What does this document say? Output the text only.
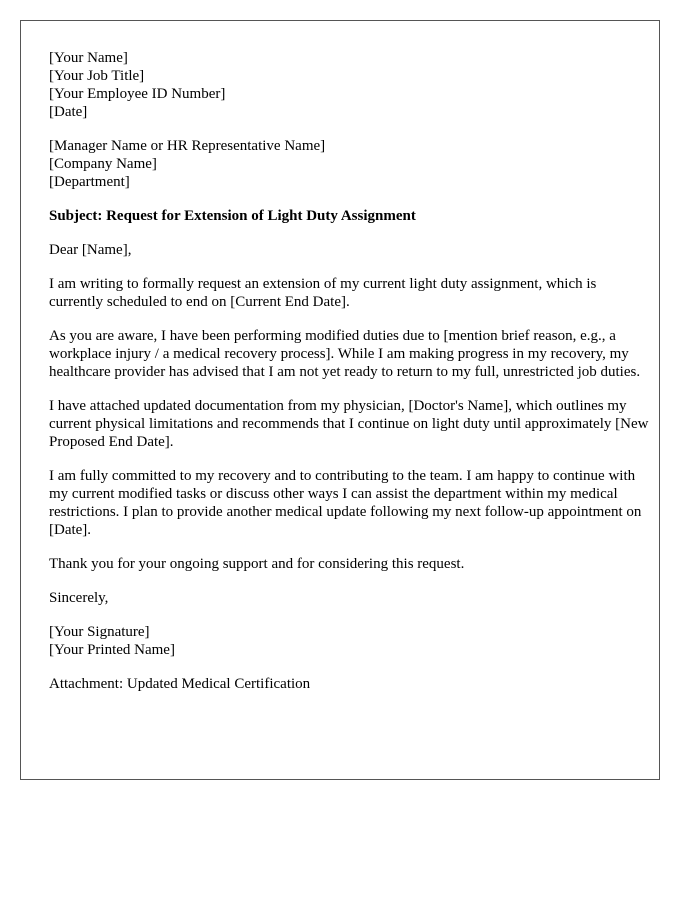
[Your Name]
[Your Job Title]
[Your Employee ID Number]
[Date]
[Manager Name or HR Representative Name]
[Company Name]
[Department]

Subject: Request for Extension of Light Duty Assignment

Dear [Name],

I am writing to formally request an extension of my current light duty assignment, which is currently scheduled to end on [Current End Date].

As you are aware, I have been performing modified duties due to [mention brief reason, e.g., a workplace injury / a medical recovery process]. While I am making progress in my recovery, my healthcare provider has advised that I am not yet ready to return to my full, unrestricted job duties.

I have attached updated documentation from my physician, [Doctor's Name], which outlines my current physical limitations and recommends that I continue on light duty until approximately [New Proposed End Date].

I am fully committed to my recovery and to contributing to the team. I am happy to continue with my current modified tasks or discuss other ways I can assist the department within my medical restrictions. I plan to provide another medical update following my next follow-up appointment on [Date].

Thank you for your ongoing support and for considering this request.

Sincerely,

[Your Signature]
[Your Printed Name]

Attachment: Updated Medical Certification
